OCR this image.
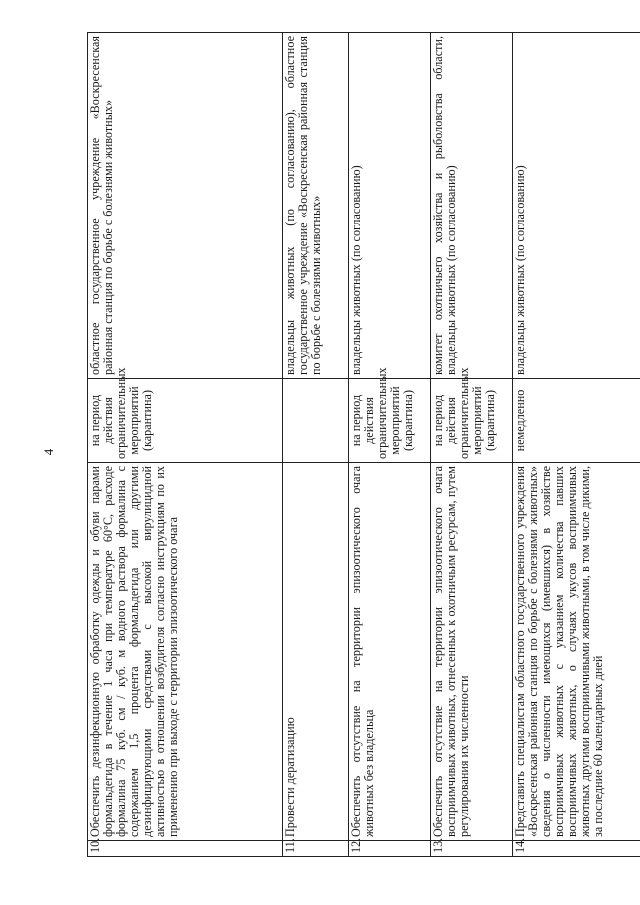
4
10.	Обеспечить дезинфекционную обработку одежды и обуви парами формальдегида в течение 1 часа при температуре 60°С, расходе формалина 75 куб. см / куб. м водного раствора формалина с содержанием 1,5 процента формальдегида или другими дезинфицирующими средствами с высокой вирулицидной активностью в отношении возбудителя согласно инструкциям по их применению при выходе с территории эпизоотического очага	на период действия ограничительных мероприятий (карантина)	областное государственное учреждение «Воскресенская районная станция по борьбе с болезнями животных»
11.	Провести дератизацию		владельцы животных (по согласованию), областное государственное учреждение «Воскресенская районная станция по борьбе с болезнями животных»
12.	Обеспечить отсутствие на территории эпизоотического очага животных без владельца	на период действия ограничительных мероприятий (карантина)	владельцы животных (по согласованию)
13.	Обеспечить отсутствие на территории эпизоотического очага восприимчивых животных, отнесенных к охотничьим ресурсам, путем регулирования их численности	на период действия ограничительных мероприятий (карантина)	комитет охотничьего хозяйства и рыболовства области, владельцы животных (по согласованию)
14.	Представить специалистам областного государственного учреждения «Воскресенская районная станция по борьбе с болезнями животных» сведения о численности имеющихся (имевшихся) в хозяйстве восприимчивых животных с указанием количества павших восприимчивых животных, о случаях укусов восприимчивых животных другими восприимчивыми животными, в том числе дикими, за последние 60 календарных дней	немедленно	владельцы животных (по согласованию)
